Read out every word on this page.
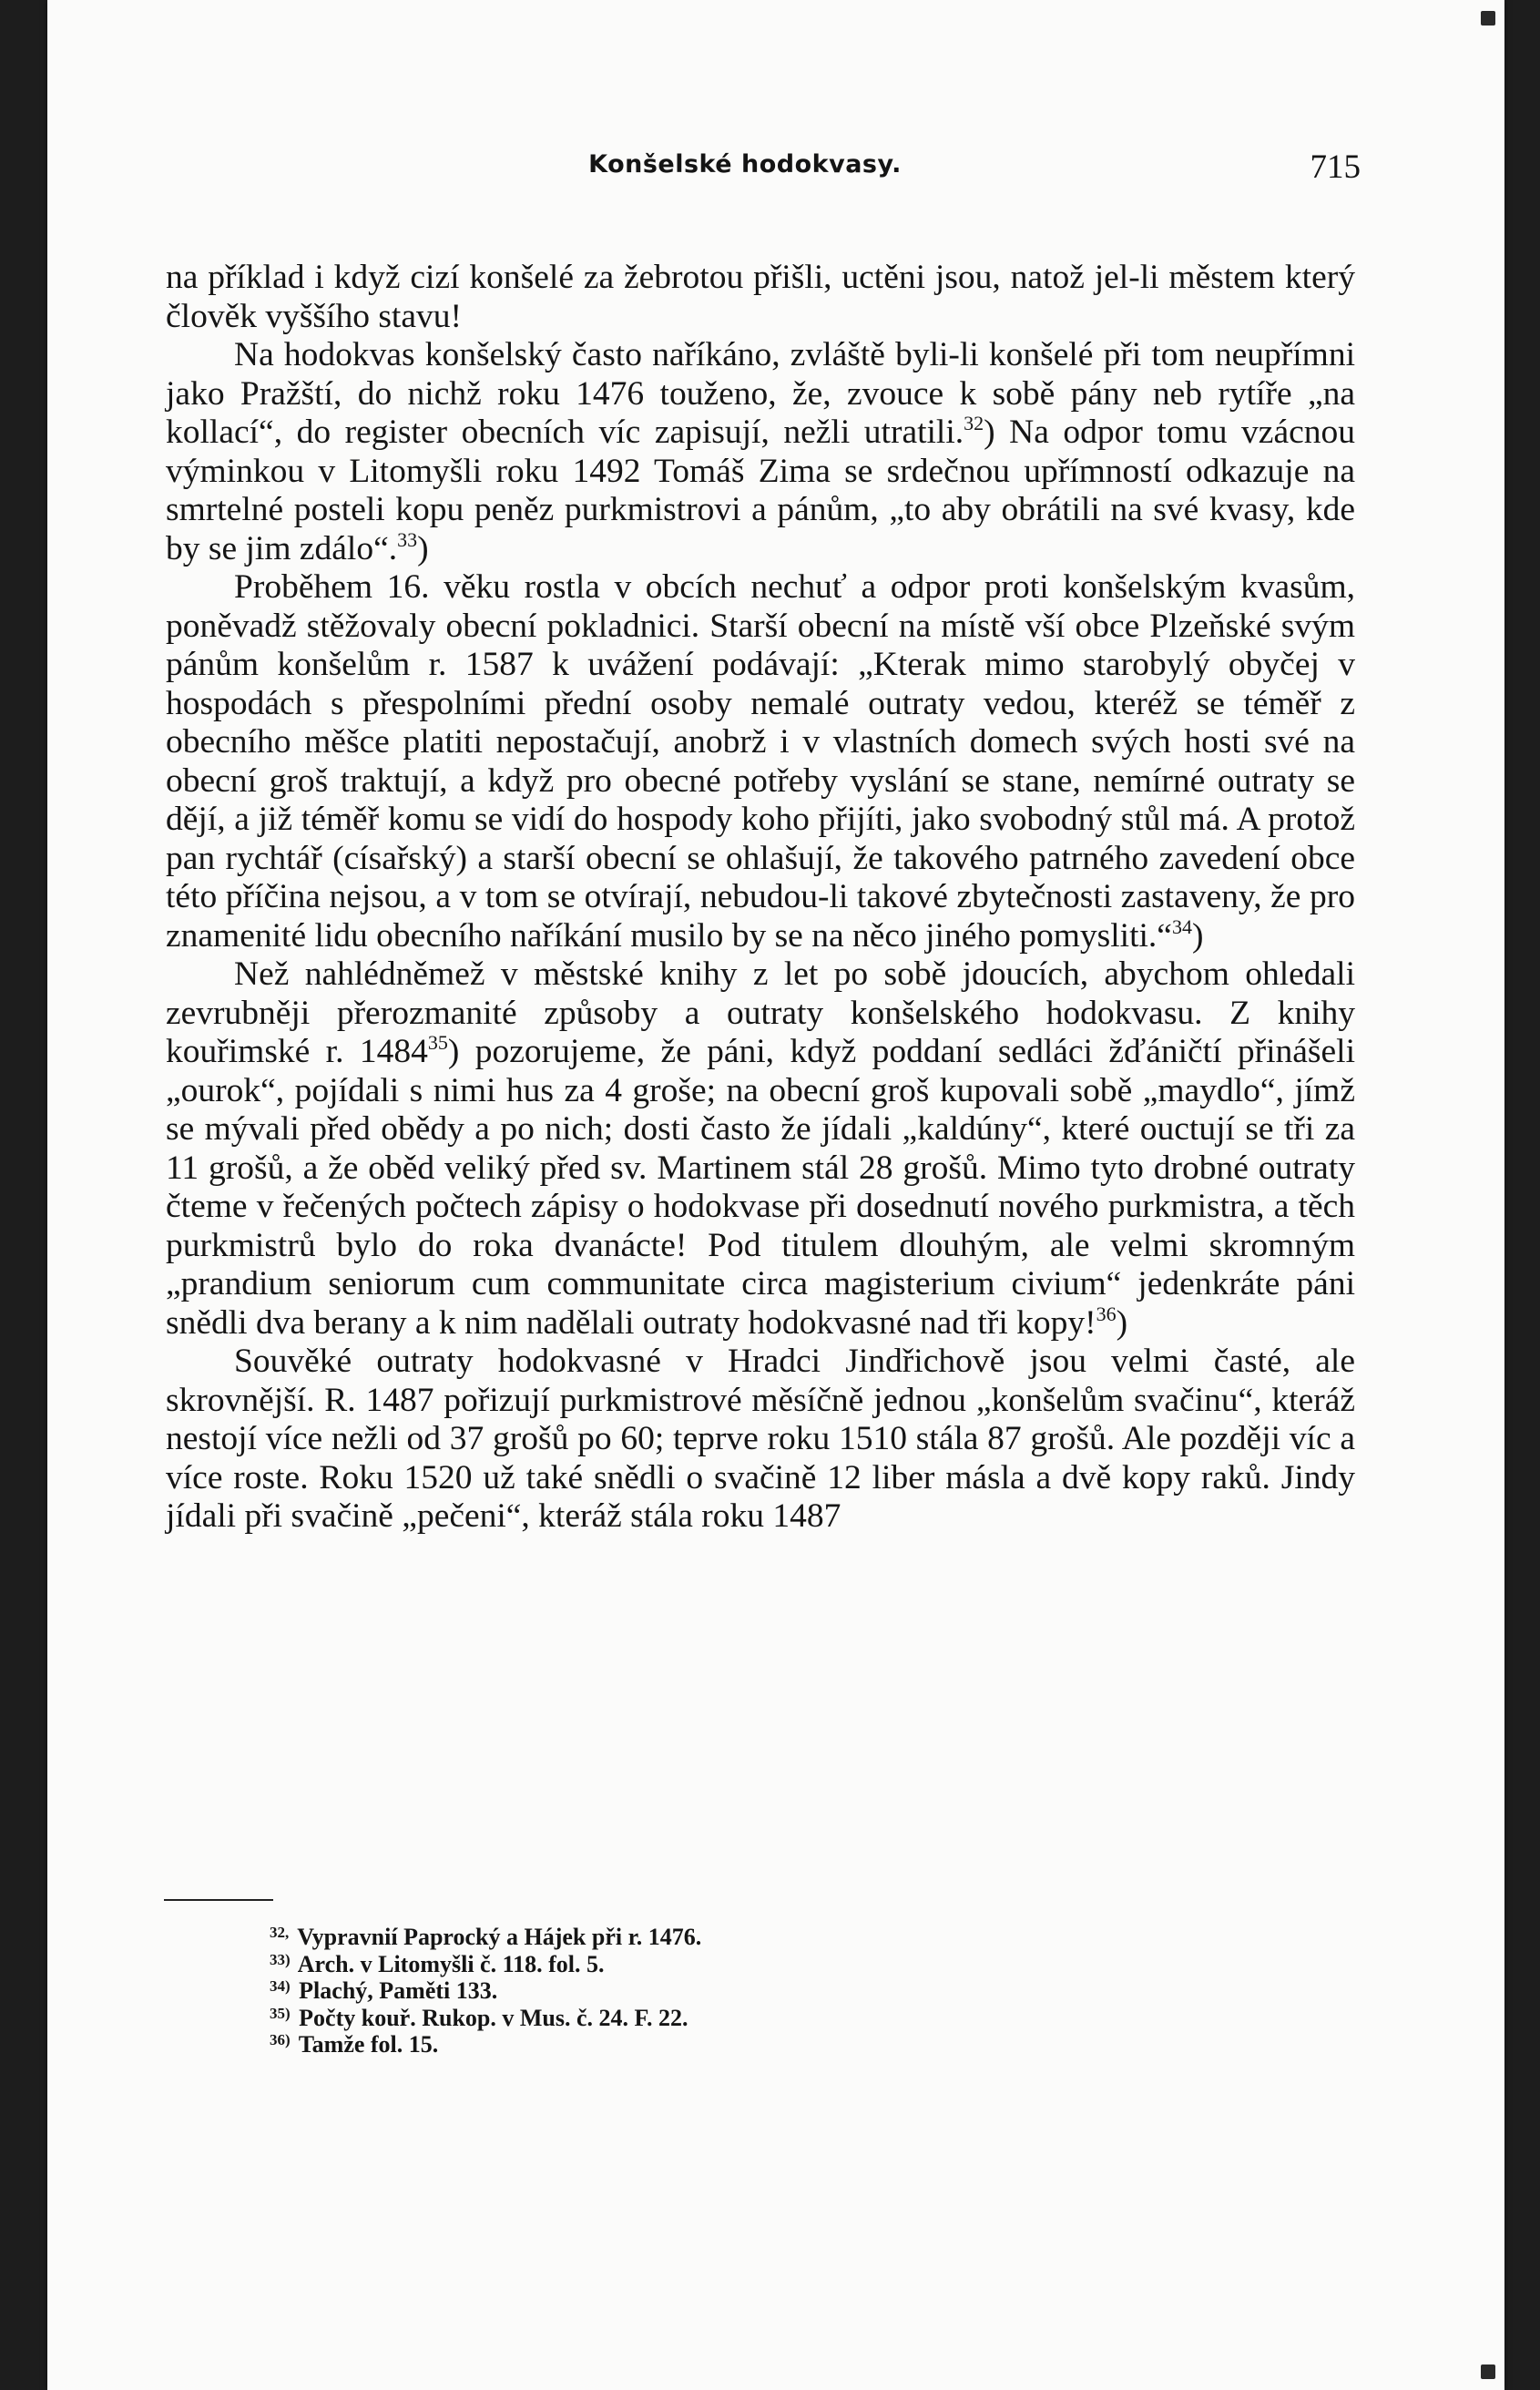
Konšelské hodokvasy.	715

na příklad i když cizí konšelé za žebrotou přišli, uctěni jsou, natož jel-li městem který člověk vyššího stavu!

Na hodokvas konšelský často naříkáno, zvláště byli-li konšelé při tom neupřímni jako Pražští, do nichž roku 1476 touženo, že, zvouce k sobě pány neb rytíře „na kollací“, do register obecních víc zapisují, nežli utratili.$^{32}$) Na odpor tomu vzácnou výminkou v Litomyšli roku 1492 Tomáš Zima se srdečnou upřímností odkazuje na smrtelné posteli kopu peněz purkmistrovi a pánům, „to aby obrátili na své kvasy, kde by se jim zdálo“.$^{33}$)

Proběhem 16. věku rostla v obcích nechuť a odpor proti konšelským kvasům, poněvadž stěžovaly obecní pokladnici. Starší obecní na místě vší obce Plzeňské svým pánům konšelům r. 1587 k uvážení podávají: „Kterak mimo starobylý obyčej v hospodách s přespolními přední osoby nemalé outraty vedou, kteréž se téměř z obecního měšce platiti nepostačují, anobrž i v vlastních domech svých hosti své na obecní groš traktují, a když pro obecné potřeby vyslání se stane, nemírné outraty se dějí, a již téměř komu se vidí do hospody koho přijíti, jako svobodný stůl má. A protož pan rychtář (císařský) a starší obecní se ohlašují, že takového patrného zavedení obce této příčina nejsou, a v tom se otvírají, nebudou-li takové zbytečnosti zastaveny, že pro znamenité lidu obecního naříkání musilo by se na něco jiného pomysliti.“$^{34}$)

Než nahlédněmež v městské knihy z let po sobě jdoucích, abychom ohledali zevrubněji přerozmanité způsoby a outraty konšelského hodokvasu. Z knihy kouřimské r. 1484$^{35}$) pozorujeme, že páni, když poddaní sedláci žďáničtí přinášeli „ourok“, pojídali s nimi hus za 4 groše; na obecní groš kupovali sobě „maydlo“, jímž se mývali před obědy a po nich; dosti často že jídali „kaldúny“, které ouctují se tři za 11 grošů, a že oběd veliký před sv. Martinem stál 28 grošů. Mimo tyto drobné outraty čteme v řečených počtech zápisy o hodokvase při dosednutí nového purkmistra, a těch purkmistrů bylo do roka dvanácte! Pod titulem dlouhým, ale velmi skromným „prandium seniorum cum communitate circa magisterium civium“ jedenkráte páni snědli dva berany a k nim nadělali outraty hodokvasné nad tři kopy!$^{36}$)

Souvěké outraty hodokvasné v Hradci Jindřichově jsou velmi časté, ale skrovnější. R. 1487 pořizují purkmistrové měsíčně jednou „konšelům svačinu“, kteráž nestojí více nežli od 37 grošů po 60; teprve roku 1510 stála 87 grošů. Ale později víc a více roste. Roku 1520 už také snědli o svačině 12 liber másla a dvě kopy raků. Jindy jídali při svačině „pečeni“, kteráž stála roku 1487

$^{32,}$ Vypravnií Paprocký a Hájek při r. 1476.
$^{33)}$ Arch. v Litomyšli č. 118. fol. 5.
$^{34)}$ Plachý, Paměti 133.
$^{35)}$ Počty kouř. Rukop. v Mus. č. 24. F. 22.
$^{36)}$ Tamže fol. 15.
